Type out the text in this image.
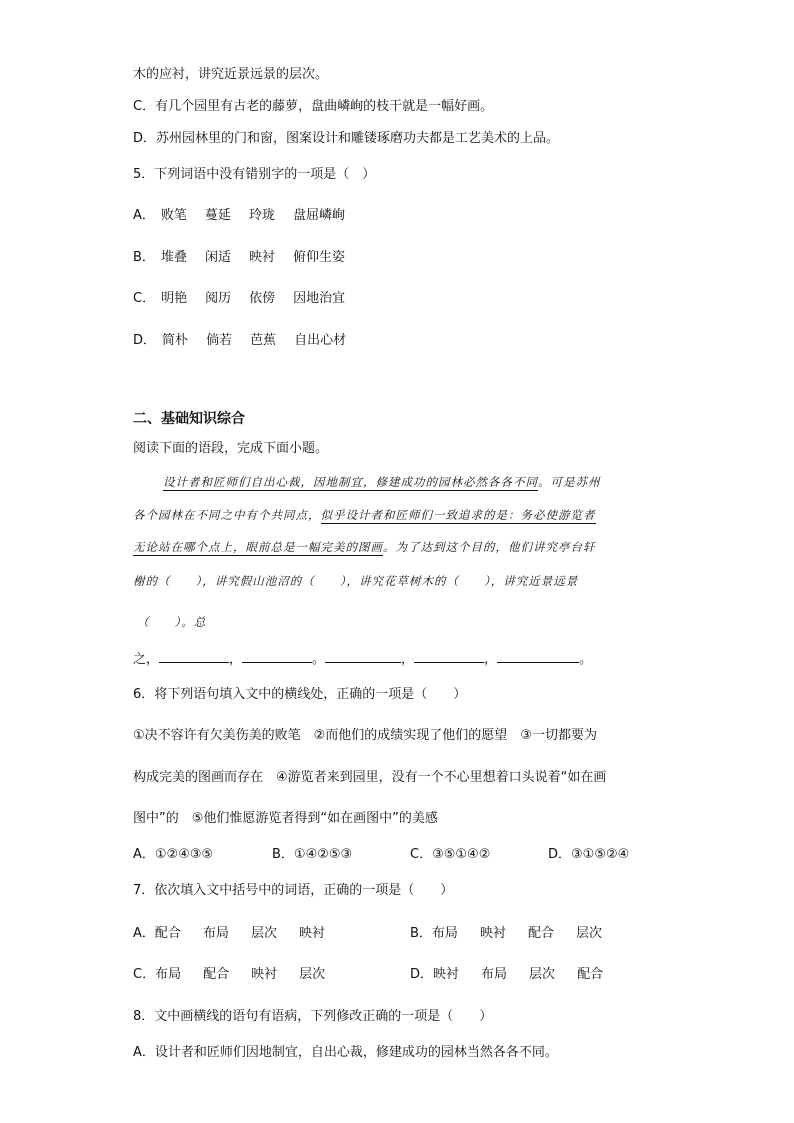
木的应衬，讲究近景远景的层次。
C．有几个园里有古老的藤萝，盘曲嶙峋的枝干就是一幅好画。
D．苏州园林里的门和窗，图案设计和雕镂琢磨功夫都是工艺美术的上品。
5．下列词语中没有错别字的一项是（　）
A． 败笔 蔓延 玲珑 盘屈嶙峋
B． 堆叠 闲适 映衬 俯仰生姿
C． 明艳 阅历 依傍 因地治宜
D． 简朴 倘若 芭蕉 自出心材
二、基础知识综合
阅读下面的语段，完成下面小题。
设计者和匠师们自出心裁，因地制宜，修建成功的园林必然各各不同。可是苏州
各个园林在不同之中有个共同点，似乎设计者和匠师们一致追求的是：务必使游览者
无论站在哪个点上，眼前总是一幅完美的图画。为了达到这个目的，他们讲究亭台轩
榭的（　　），讲究假山池沼的（　　），讲究花草树木的（　　），讲究近景远景
（　　）。总
之，	，	。	，	，	。
6．将下列语句填入文中的横线处，正确的一项是（　　）
①决不容许有欠美伤美的败笔　②而他们的成绩实现了他们的愿望　③一切都要为
构成完美的图画而存在　④游览者来到园里，没有一个不心里想着口头说着“如在画
图中”的　⑤他们惟愿游览者得到“如在画图中”的美感
A．①②④③⑤	B．①④②⑤③	C．③⑤①④②	D．③①⑤②④
7．依次填入文中括号中的词语，正确的一项是（　　）
A．配合 布局 层次 映衬	B．布局 映衬 配合 层次
C．布局 配合 映衬 层次	D．映衬 布局 层次 配合
8．文中画横线的语句有语病，下列修改正确的一项是（　　）
A．设计者和匠师们因地制宜，自出心裁，修建成功的园林当然各各不同。
